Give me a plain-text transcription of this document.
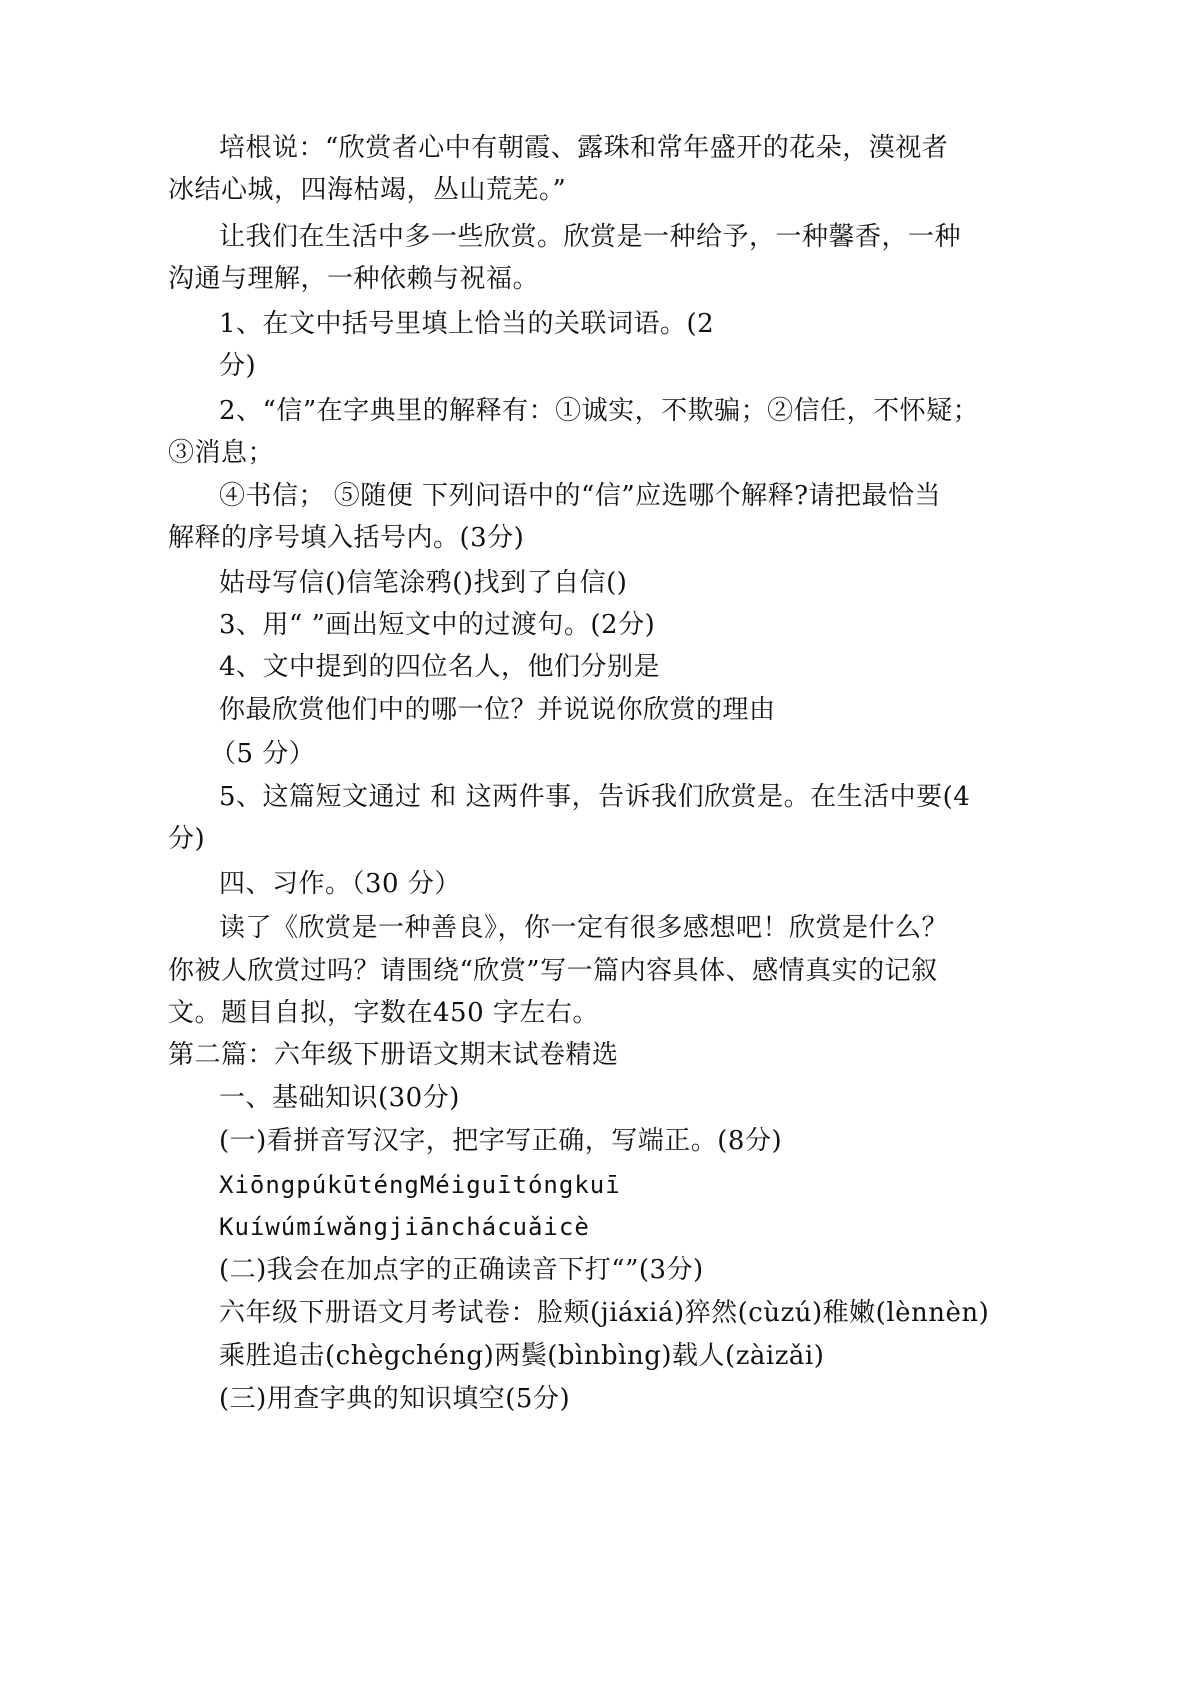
培根说：“欣赏者心中有朝霞、露珠和常年盛开的花朵，漠视者
冰结心城，四海枯竭，丛山荒芜。”
让我们在生活中多一些欣赏。欣赏是一种给予，一种馨香，一种
沟通与理解，一种依赖与祝福。
1、在文中括号里填上恰当的关联词语。(2
分)
2、“信”在字典里的解释有：①诚实，不欺骗；②信任，不怀疑；
③消息；
④书信； ⑤随便 下列问语中的“信”应选哪个解释?请把最恰当
解释的序号填入括号内。(3分)
姑母写信()信笔涂鸦()找到了自信()
3、用“ ”画出短文中的过渡句。(2分)
4、文中提到的四位名人，他们分别是
你最欣赏他们中的哪一位？并说说你欣赏的理由
（5 分）
5、这篇短文通过 和 这两件事，告诉我们欣赏是。在生活中要(4
分)
四、习作。（30 分）
读了《欣赏是一种善良》，你一定有很多感想吧！欣赏是什么？
你被人欣赏过吗？请围绕“欣赏”写一篇内容具体、感情真实的记叙
文。题目自拟，字数在450 字左右。
第二篇：六年级下册语文期末试卷精选
一、基础知识(30分)
(一)看拼音写汉字，把字写正确，写端正。(8分)
XiōngpúkūténgMéiguītóngkuī
Kuíwúmíwǎngjiānchácuǎicè
(二)我会在加点字的正确读音下打“”(3分)
六年级下册语文月考试卷：脸颊(jiáxiá)猝然(cùzú)稚嫩(lènnèn)
乘胜追击(chègchéng)两鬓(bìnbìng)载人(zàizǎi)
(三)用查字典的知识填空(5分)
